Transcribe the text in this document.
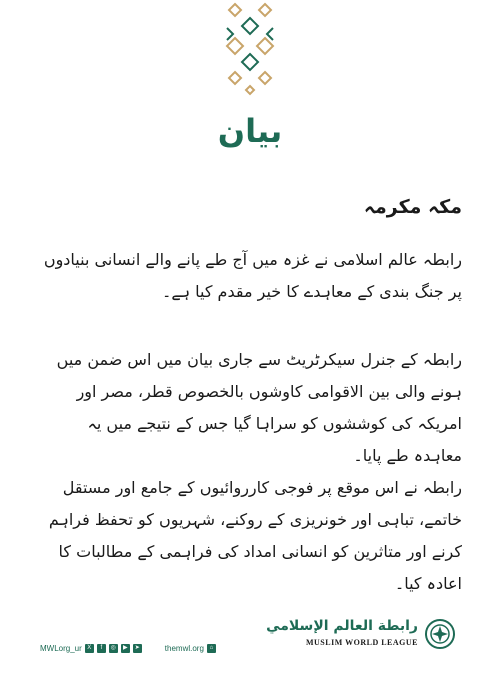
بیان
مکہ مکرمہ
رابطہ عالم اسلامی نے غزہ میں آج طے پانے والے انسانی بنیادوں پر جنگ بندی کے معاہدے کا خیر مقدم کیا ہے۔
رابطہ کے جنرل سیکرٹریٹ سے جاری بیان میں اس ضمن میں ہونے والی بین الاقوامی کاوشوں بالخصوص قطر، مصر اور امریکہ کی کوششوں کو سراہا گیا جس کے نتیجے میں یہ معاہدہ طے پایا۔
رابطہ نے اس موقع پر فوجی کارروائیوں کے جامع اور مستقل خاتمے، تباہی اور خونریزی کے روکنے، شہریوں کو تحفظ فراہم کرنے اور متاثرین کو انسانی امداد کی فراہمی کے مطالبات کا اعادہ کیا۔
MWLorg_ur X	f	◎	▶	➤	themwl.org ⌂
رابطة العالم الإسلامي
MUSLIM WORLD LEAGUE
